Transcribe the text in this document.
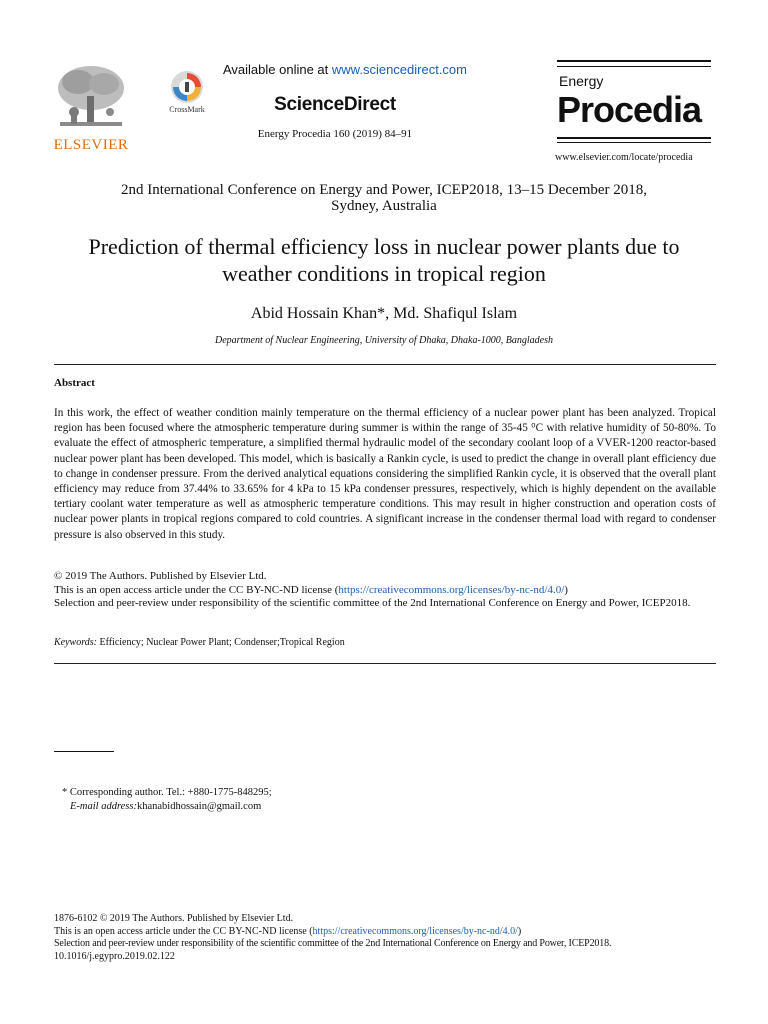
ELSEVIER
CrossMark
Available online at www.sciencedirect.com
ScienceDirect
Energy Procedia 160 (2019) 84–91
Energy
Procedia
www.elsevier.com/locate/procedia
2nd International Conference on Energy and Power, ICEP2018, 13–15 December 2018,
Sydney, Australia
Prediction of thermal efficiency loss in nuclear power plants due to
weather conditions in tropical region
Abid Hossain Khan*, Md. Shafiqul Islam
Department of Nuclear Engineering, University of Dhaka, Dhaka-1000, Bangladesh
Abstract
In this work, the effect of weather condition mainly temperature on the thermal efficiency of a nuclear power plant has been analyzed. Tropical region has been focused where the atmospheric temperature during summer is within the range of 35-45 ⁰C with relative humidity of 50-80%. To evaluate the effect of atmospheric temperature, a simplified thermal hydraulic model of the secondary coolant loop of a VVER-1200 reactor-based nuclear power plant has been developed. This model, which is basically a Rankin cycle, is used to predict the change in overall plant efficiency due to change in condenser pressure. From the derived analytical equations considering the simplified Rankin cycle, it is observed that the overall plant efficiency may reduce from 37.44% to 33.65% for 4 kPa to 15 kPa condenser pressures, respectively, which is highly dependent on the available tertiary coolant water temperature as well as atmospheric temperature conditions. This may result in higher construction and operation costs of nuclear power plants in tropical regions compared to cold countries. A significant increase in the condenser thermal load with regard to condenser pressure is also observed in this study.
© 2019 The Authors. Published by Elsevier Ltd.
This is an open access article under the CC BY-NC-ND license (https://creativecommons.org/licenses/by-nc-nd/4.0/)
Selection and peer-review under responsibility of the scientific committee of the 2nd International Conference on Energy and Power, ICEP2018.
Keywords: Efficiency; Nuclear Power Plant; Condenser;Tropical Region
* Corresponding author. Tel.: +880-1775-848295;
E-mail address:khanabidhossain@gmail.com
1876-6102 © 2019 The Authors. Published by Elsevier Ltd.
This is an open access article under the CC BY-NC-ND license (https://creativecommons.org/licenses/by-nc-nd/4.0/)
Selection and peer-review under responsibility of the scientific committee of the 2nd International Conference on Energy and Power, ICEP2018.
10.1016/j.egypro.2019.02.122
